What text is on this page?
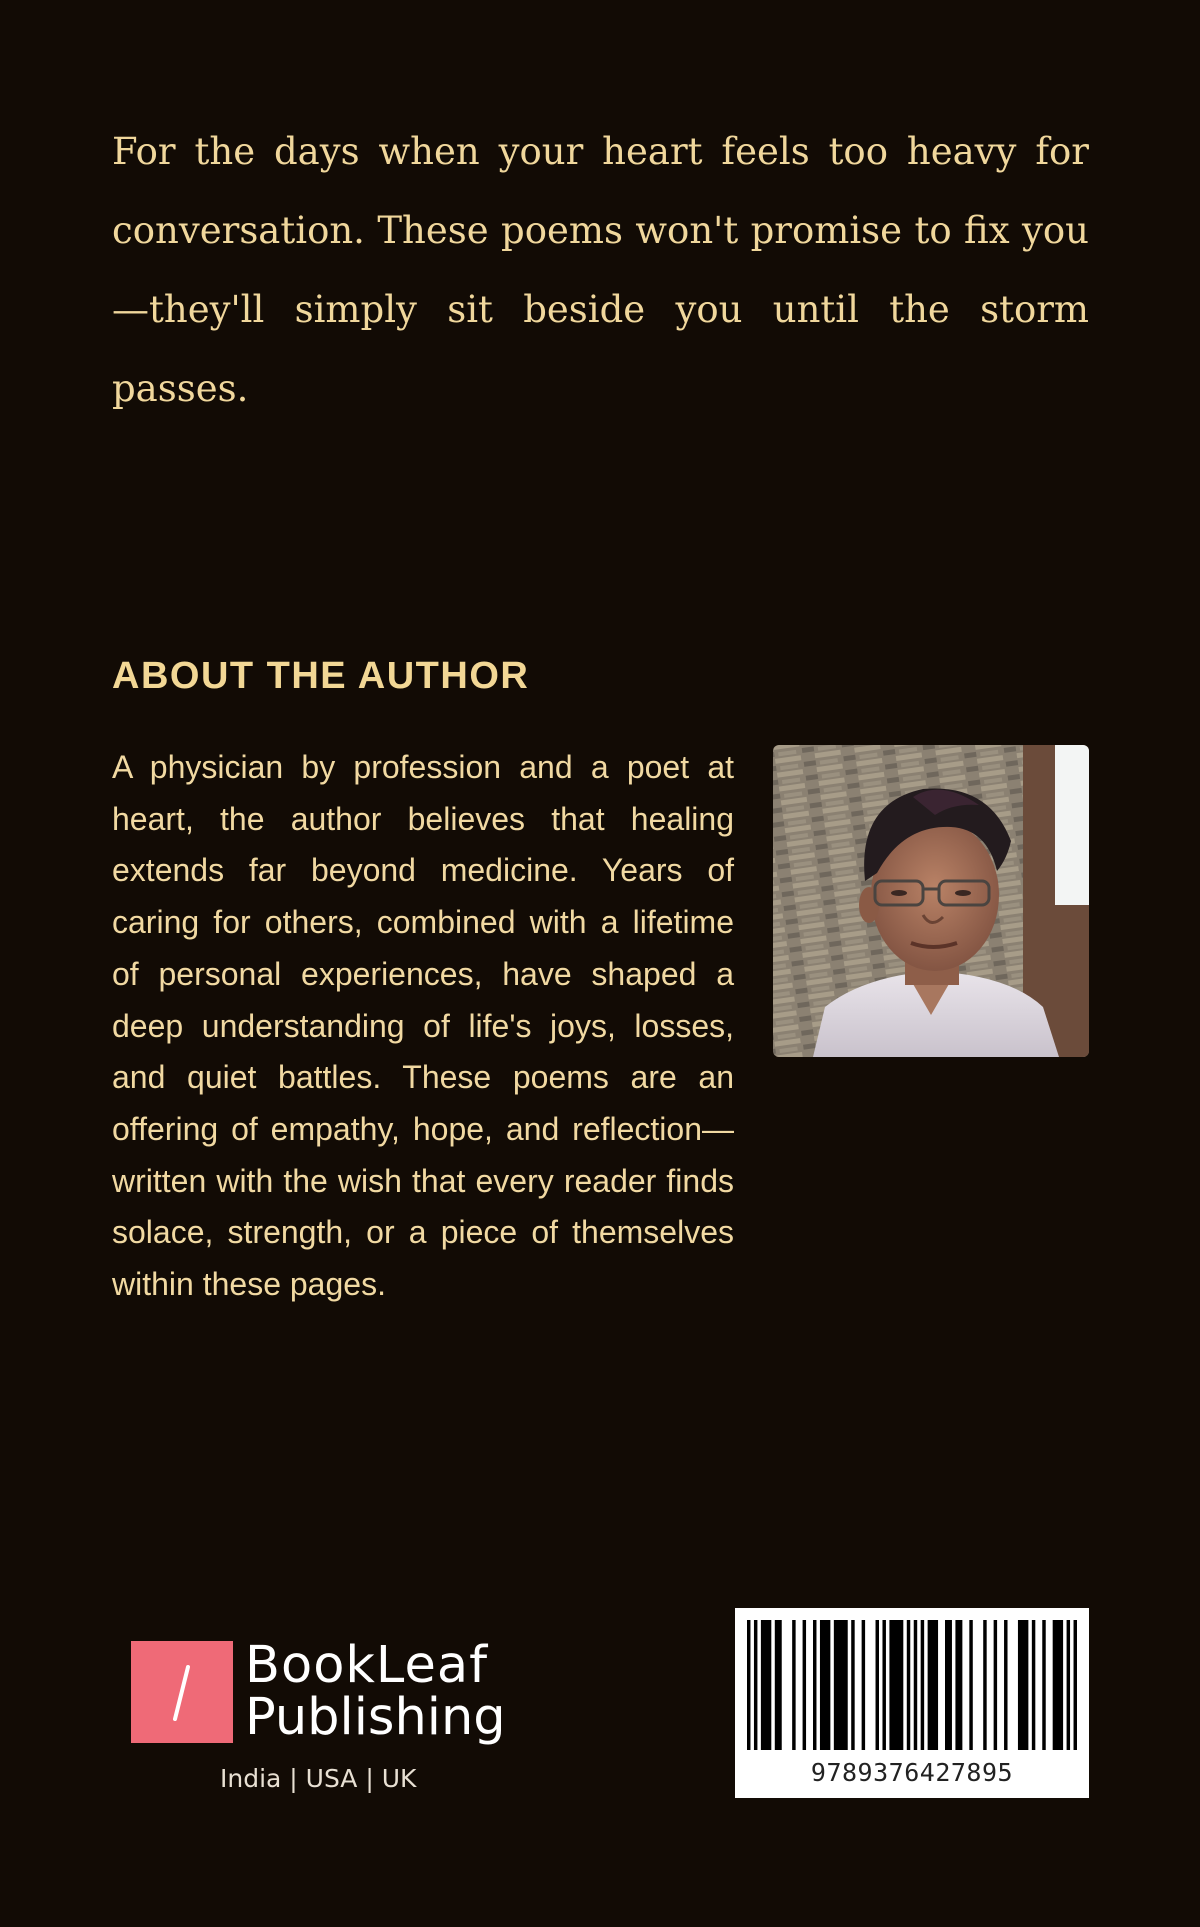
For the days when your heart feels too heavy for conversation. These poems won't promise to fix you—they'll simply sit beside you until the storm passes.

ABOUT THE AUTHOR

A physician by profession and a poet at heart, the author believes that healing extends far beyond medicine. Years of caring for others, combined with a lifetime of personal experiences, have shaped a deep understanding of life's joys, losses, and quiet battles. These poems are an offering of empathy, hope, and reflection—written with the wish that every reader finds solace, strength, or a piece of themselves within these pages.

BookLeaf
Publishing
India | USA | UK	9789376427895
